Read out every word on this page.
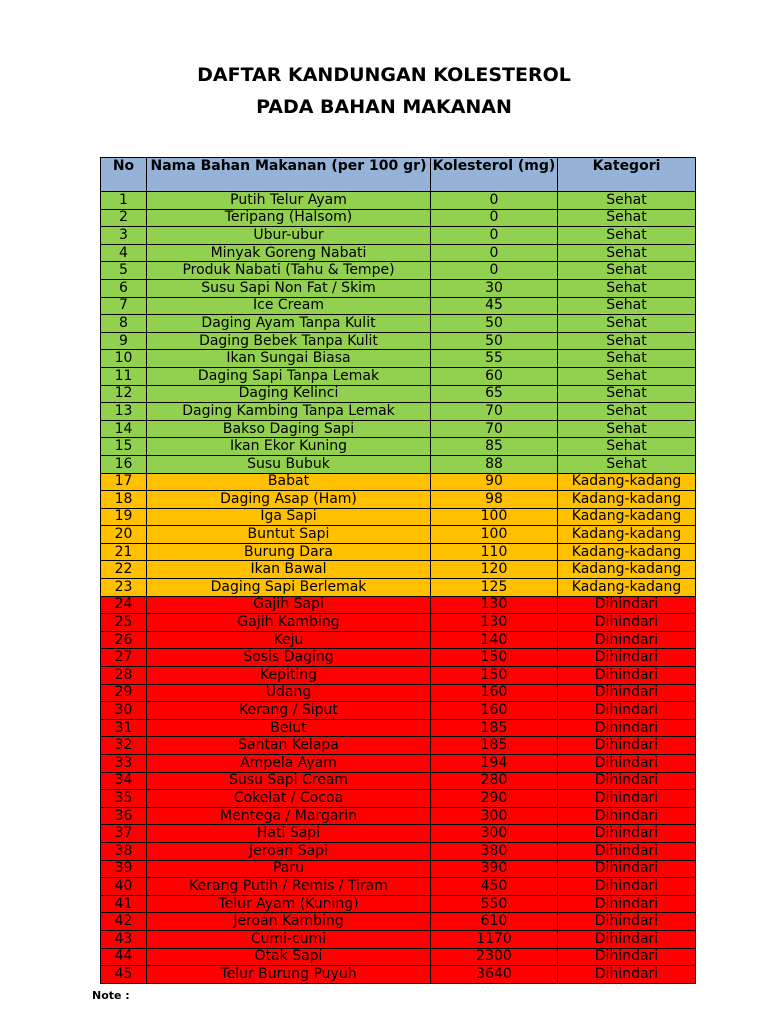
DAFTAR KANDUNGAN KOLESTEROL
PADA BAHAN MAKANAN
No	Nama Bahan Makanan (per 100 gr)	Kolesterol (mg)	Kategori
1	Putih Telur Ayam	0	Sehat
2	Teripang (Halsom)	0	Sehat
3	Ubur-ubur	0	Sehat
4	Minyak Goreng Nabati	0	Sehat
5	Produk Nabati (Tahu & Tempe)	0	Sehat
6	Susu Sapi Non Fat / Skim	30	Sehat
7	Ice Cream	45	Sehat
8	Daging Ayam Tanpa Kulit	50	Sehat
9	Daging Bebek Tanpa Kulit	50	Sehat
10	Ikan Sungai Biasa	55	Sehat
11	Daging Sapi Tanpa Lemak	60	Sehat
12	Daging Kelinci	65	Sehat
13	Daging Kambing Tanpa Lemak	70	Sehat
14	Bakso Daging Sapi	70	Sehat
15	Ikan Ekor Kuning	85	Sehat
16	Susu Bubuk	88	Sehat
17	Babat	90	Kadang-kadang
18	Daging Asap (Ham)	98	Kadang-kadang
19	Iga Sapi	100	Kadang-kadang
20	Buntut Sapi	100	Kadang-kadang
21	Burung Dara	110	Kadang-kadang
22	Ikan Bawal	120	Kadang-kadang
23	Daging Sapi Berlemak	125	Kadang-kadang
24	Gajih Sapi	130	Dihindari
25	Gajih Kambing	130	Dihindari
26	Keju	140	Dihindari
27	Sosis Daging	150	Dihindari
28	Kepiting	150	Dihindari
29	Udang	160	Dihindari
30	Kerang / Siput	160	Dihindari
31	Belut	185	Dihindari
32	Santan Kelapa	185	Dihindari
33	Ampela Ayam	194	Dihindari
34	Susu Sapi Cream	280	Dihindari
35	Cokelat / Cocoa	290	Dihindari
36	Mentega / Margarin	300	Dihindari
37	Hati Sapi	300	Dihindari
38	Jeroan Sapi	380	Dihindari
39	Paru	390	Dihindari
40	Kerang Putih / Remis / Tiram	450	Dihindari
41	Telur Ayam (Kuning)	550	Dihindari
42	Jeroan Kambing	610	Dihindari
43	Cumi-cumi	1170	Dihindari
44	Otak Sapi	2300	Dihindari
45	Telur Burung Puyuh	3640	Dihindari
Note :
